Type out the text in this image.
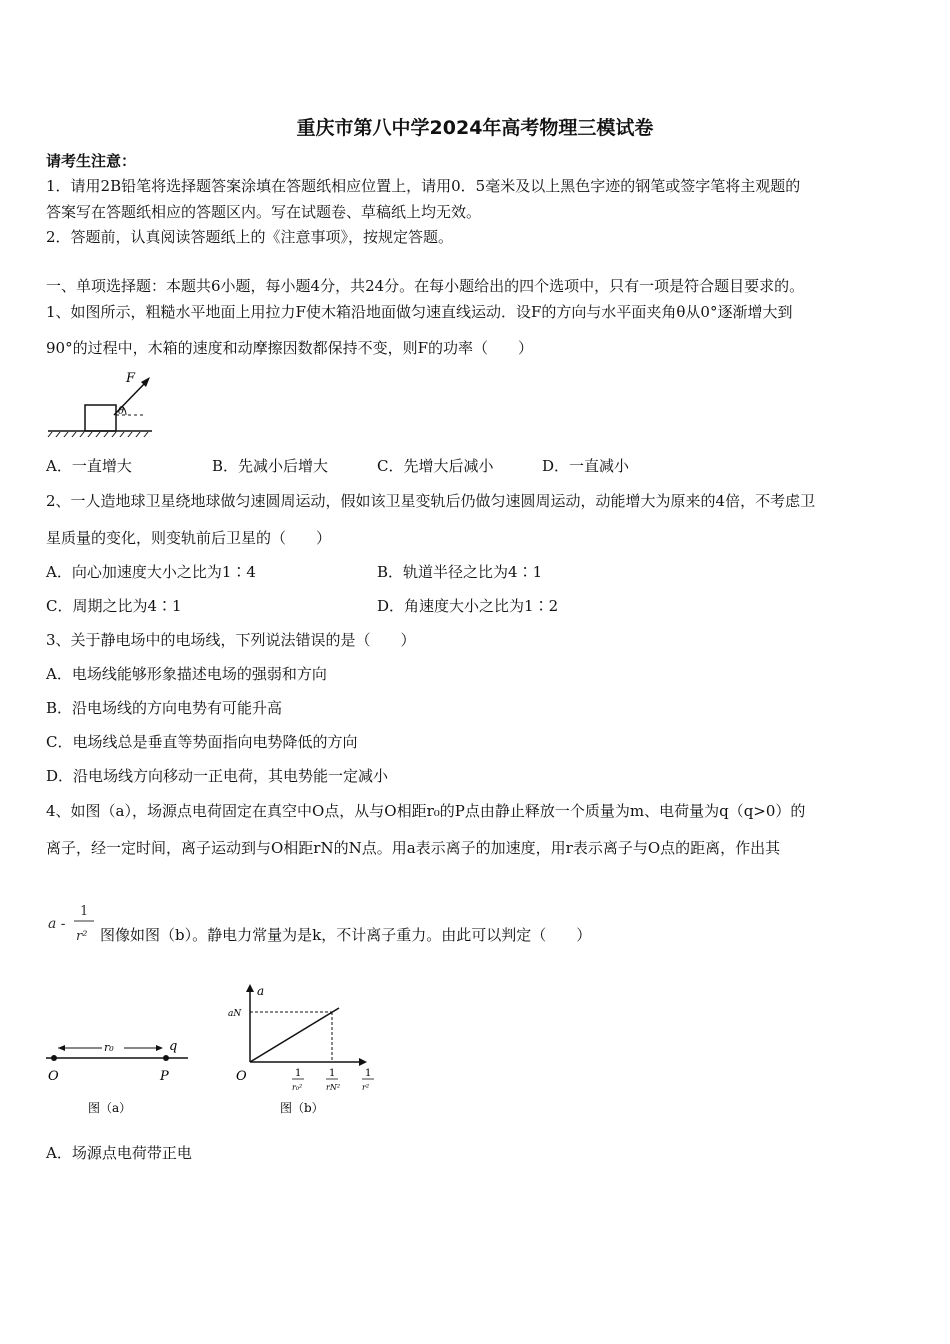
重庆市第八中学2024年高考物理三模试卷
请考生注意：
1．请用2B铅笔将选择题答案涂填在答题纸相应位置上，请用0．5毫米及以上黑色字迹的钢笔或签字笔将主观题的
答案写在答题纸相应的答题区内。写在试题卷、草稿纸上均无效。
2．答题前，认真阅读答题纸上的《注意事项》，按规定答题。
一、单项选择题：本题共6小题，每小题4分，共24分。在每小题给出的四个选项中，只有一项是符合题目要求的。
1、如图所示，粗糙水平地面上用拉力F使木箱沿地面做匀速直线运动．设F的方向与水平面夹角θ从0°逐渐增大到
90°的过程中，木箱的速度和动摩擦因数都保持不变，则F的功率（　　）
F
θ
A．一直增大	B．先减小后增大	C．先增大后减小	D．一直减小
2、一人造地球卫星绕地球做匀速圆周运动，假如该卫星变轨后仍做匀速圆周运动，动能增大为原来的4倍，不考虑卫
星质量的变化，则变轨前后卫星的（　　）
A．向心加速度大小之比为1∶4	B．轨道半径之比为4∶1
C．周期之比为4∶1	D．角速度大小之比为1∶2
3、关于静电场中的电场线，下列说法错误的是（　　）
A．电场线能够形象描述电场的强弱和方向
B．沿电场线的方向电势有可能升高
C．电场线总是垂直等势面指向电势降低的方向
D．沿电场线方向移动一正电荷，其电势能一定减小
4、如图（a），场源点电荷固定在真空中O点，从与O相距r₀的P点由静止释放一个质量为m、电荷量为q（q>0）的
离子，经一定时间，离子运动到与O相距rN的N点。用a表示离子的加速度，用r表示离子与O点的距离，作出其
a -
1
r² 图像如图（b）。静电力常量为是k，不计离子重力。由此可以判定（　　）
r₀	q
O	P
图（a）
a
aN
O	1
r₀²
1
rN²
1
r²
图（b）
A．场源点电荷带正电
